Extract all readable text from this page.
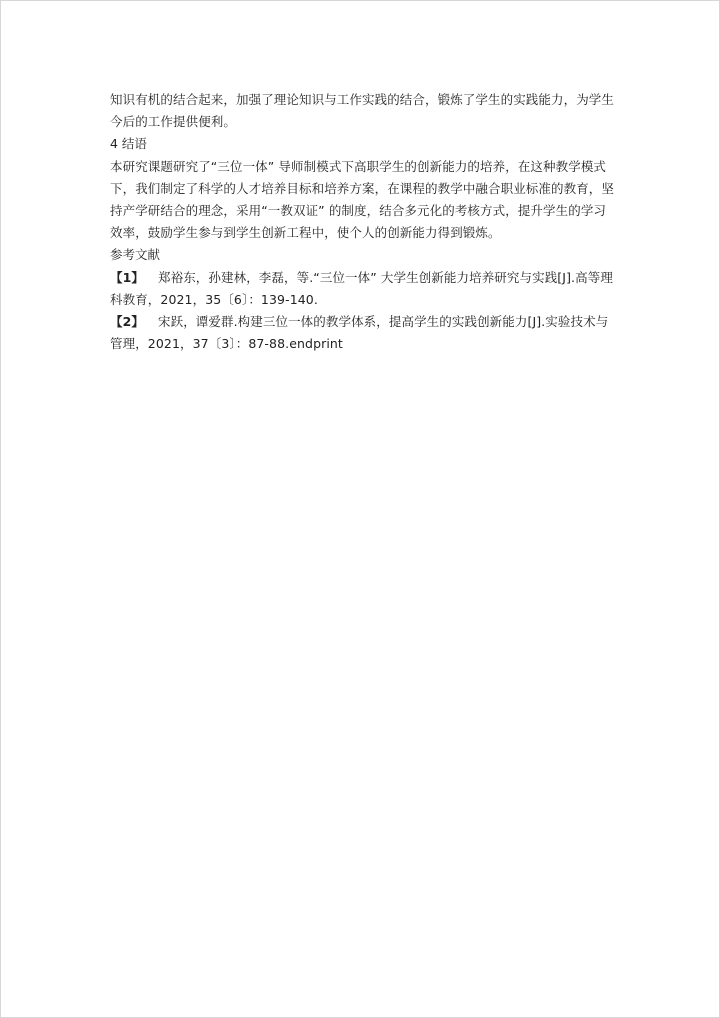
知识有机的结合起来，加强了理论知识与工作实践的结合，锻炼了学生的实践能力，为学生
今后的工作提供便利。
4 结语
本研究课题研究了“三位一体” 导师制模式下高职学生的创新能力的培养，在这种教学模式
下，我们制定了科学的人才培养目标和培养方案，在课程的教学中融合职业标准的教育，坚
持产学研结合的理念，采用“一教双证” 的制度，结合多元化的考核方式，提升学生的学习
效率，鼓励学生参与到学生创新工程中，使个人的创新能力得到锻炼。
参考文献
【1】 郑裕东，孙建林，李磊，等.“三位一体” 大学生创新能力培养研究与实践[J].高等理
科教育，2021，35〔6〕：139-140.
【2】 宋跃，谭爱群.构建三位一体的教学体系，提高学生的实践创新能力[J].实验技术与
管理，2021，37〔3〕：87-88.endprint
